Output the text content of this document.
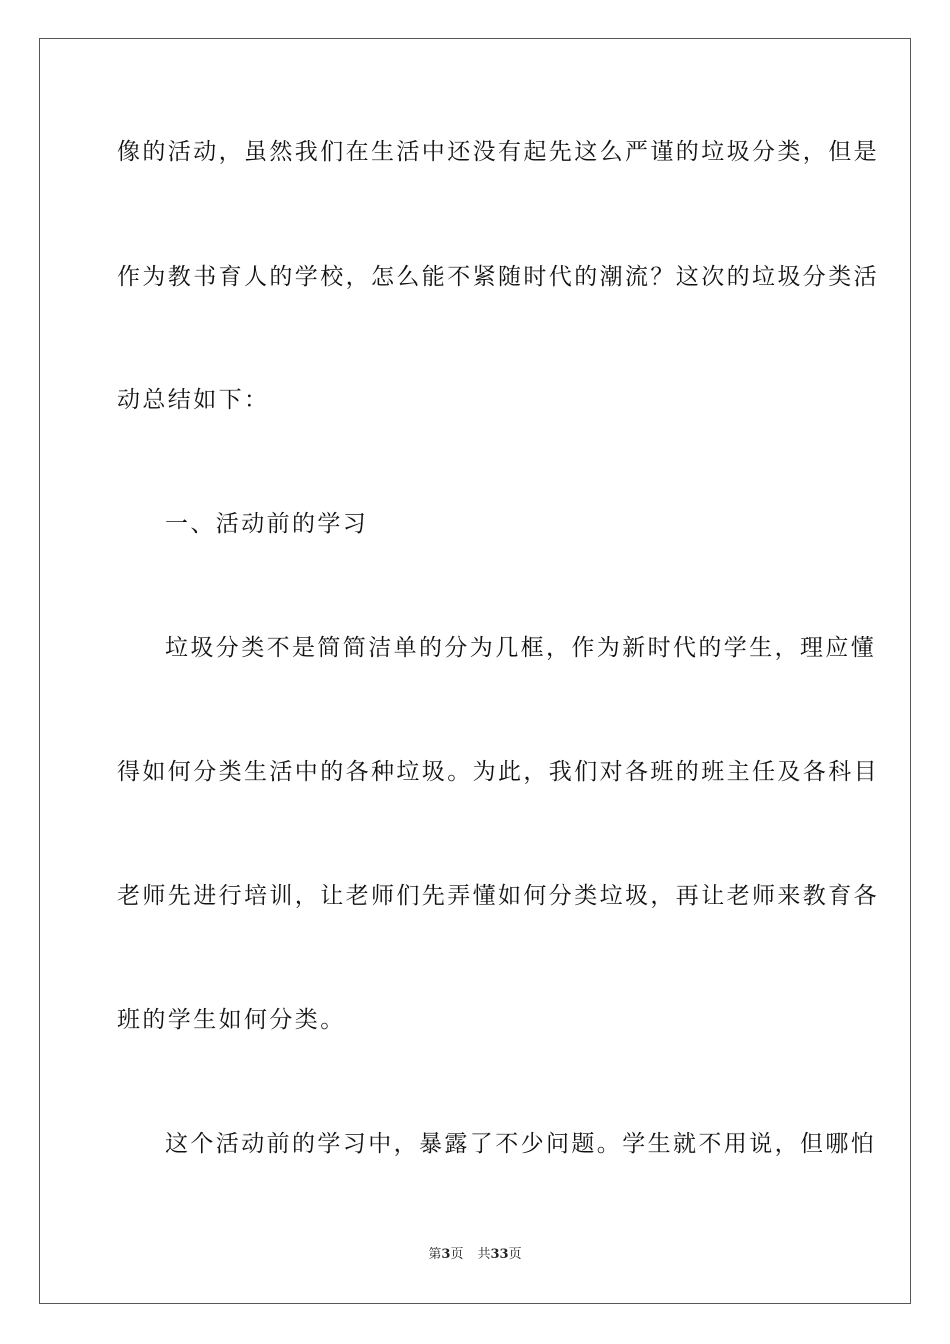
像的活动，虽然我们在生活中还没有起先这么严谨的垃圾分类，但是
作为教书育人的学校，怎么能不紧随时代的潮流？这次的垃圾分类活
动总结如下：
一、活动前的学习
垃圾分类不是简简洁单的分为几框，作为新时代的学生，理应懂
得如何分类生活中的各种垃圾。为此，我们对各班的班主任及各科目
老师先进行培训，让老师们先弄懂如何分类垃圾，再让老师来教育各
班的学生如何分类。
这个活动前的学习中，暴露了不少问题。学生就不用说，但哪怕
第3页 共33页
